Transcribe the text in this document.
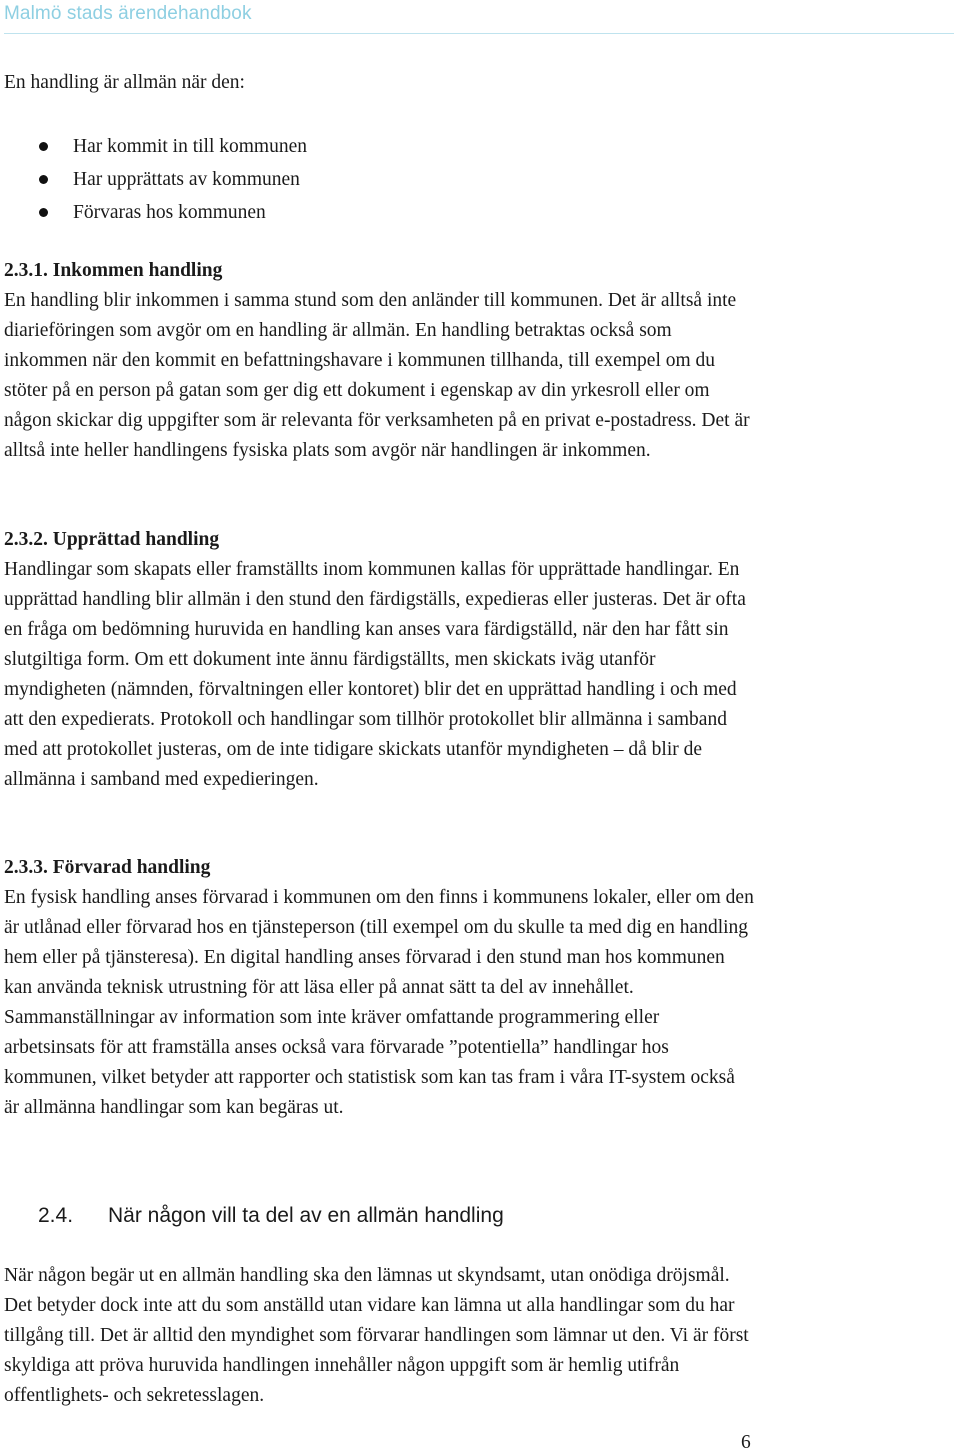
Malmö stads ärendehandbok

En handling är allmän när den:

Har kommit in till kommunen
Har upprättats av kommunen
Förvaras hos kommunen
2.3.1. Inkommen handling

En handling blir inkommen i samma stund som den anländer till kommunen. Det är alltså inte diarieföringen som avgör om en handling är allmän. En handling betraktas också som inkommen när den kommit en befattningshavare i kommunen tillhanda, till exempel om du stöter på en person på gatan som ger dig ett dokument i egenskap av din yrkesroll eller om någon skickar dig uppgifter som är relevanta för verksamheten på en privat e-postadress. Det är alltså inte heller handlingens fysiska plats som avgör när handlingen är inkommen.

2.3.2. Upprättad handling

Handlingar som skapats eller framställts inom kommunen kallas för upprättade handlingar. En upprättad handling blir allmän i den stund den färdigställs, expedieras eller justeras. Det är ofta en fråga om bedömning huruvida en handling kan anses vara färdigställd, när den har fått sin slutgiltiga form. Om ett dokument inte ännu färdigställts, men skickats iväg utanför myndigheten (nämnden, förvaltningen eller kontoret) blir det en upprättad handling i och med att den expedierats. Protokoll och handlingar som tillhör protokollet blir allmänna i samband med att protokollet justeras, om de inte tidigare skickats utanför myndigheten – då blir de allmänna i samband med expedieringen.

2.3.3. Förvarad handling

En fysisk handling anses förvarad i kommunen om den finns i kommunens lokaler, eller om den är utlånad eller förvarad hos en tjänsteperson (till exempel om du skulle ta med dig en handling hem eller på tjänsteresa). En digital handling anses förvarad i den stund man hos kommunen kan använda teknisk utrustning för att läsa eller på annat sätt ta del av innehållet. Sammanställningar av information som inte kräver omfattande programmering eller arbetsinsats för att framställa anses också vara förvarade ”potentiella” handlingar hos kommunen, vilket betyder att rapporter och statistisk som kan tas fram i våra IT-system också är allmänna handlingar som kan begäras ut.

2.4. När någon vill ta del av en allmän handling

När någon begär ut en allmän handling ska den lämnas ut skyndsamt, utan onödiga dröjsmål. Det betyder dock inte att du som anställd utan vidare kan lämna ut alla handlingar som du har tillgång till. Det är alltid den myndighet som förvarar handlingen som lämnar ut den. Vi är först skyldiga att pröva huruvida handlingen innehåller någon uppgift som är hemlig utifrån offentlighets- och sekretesslagen.

6
